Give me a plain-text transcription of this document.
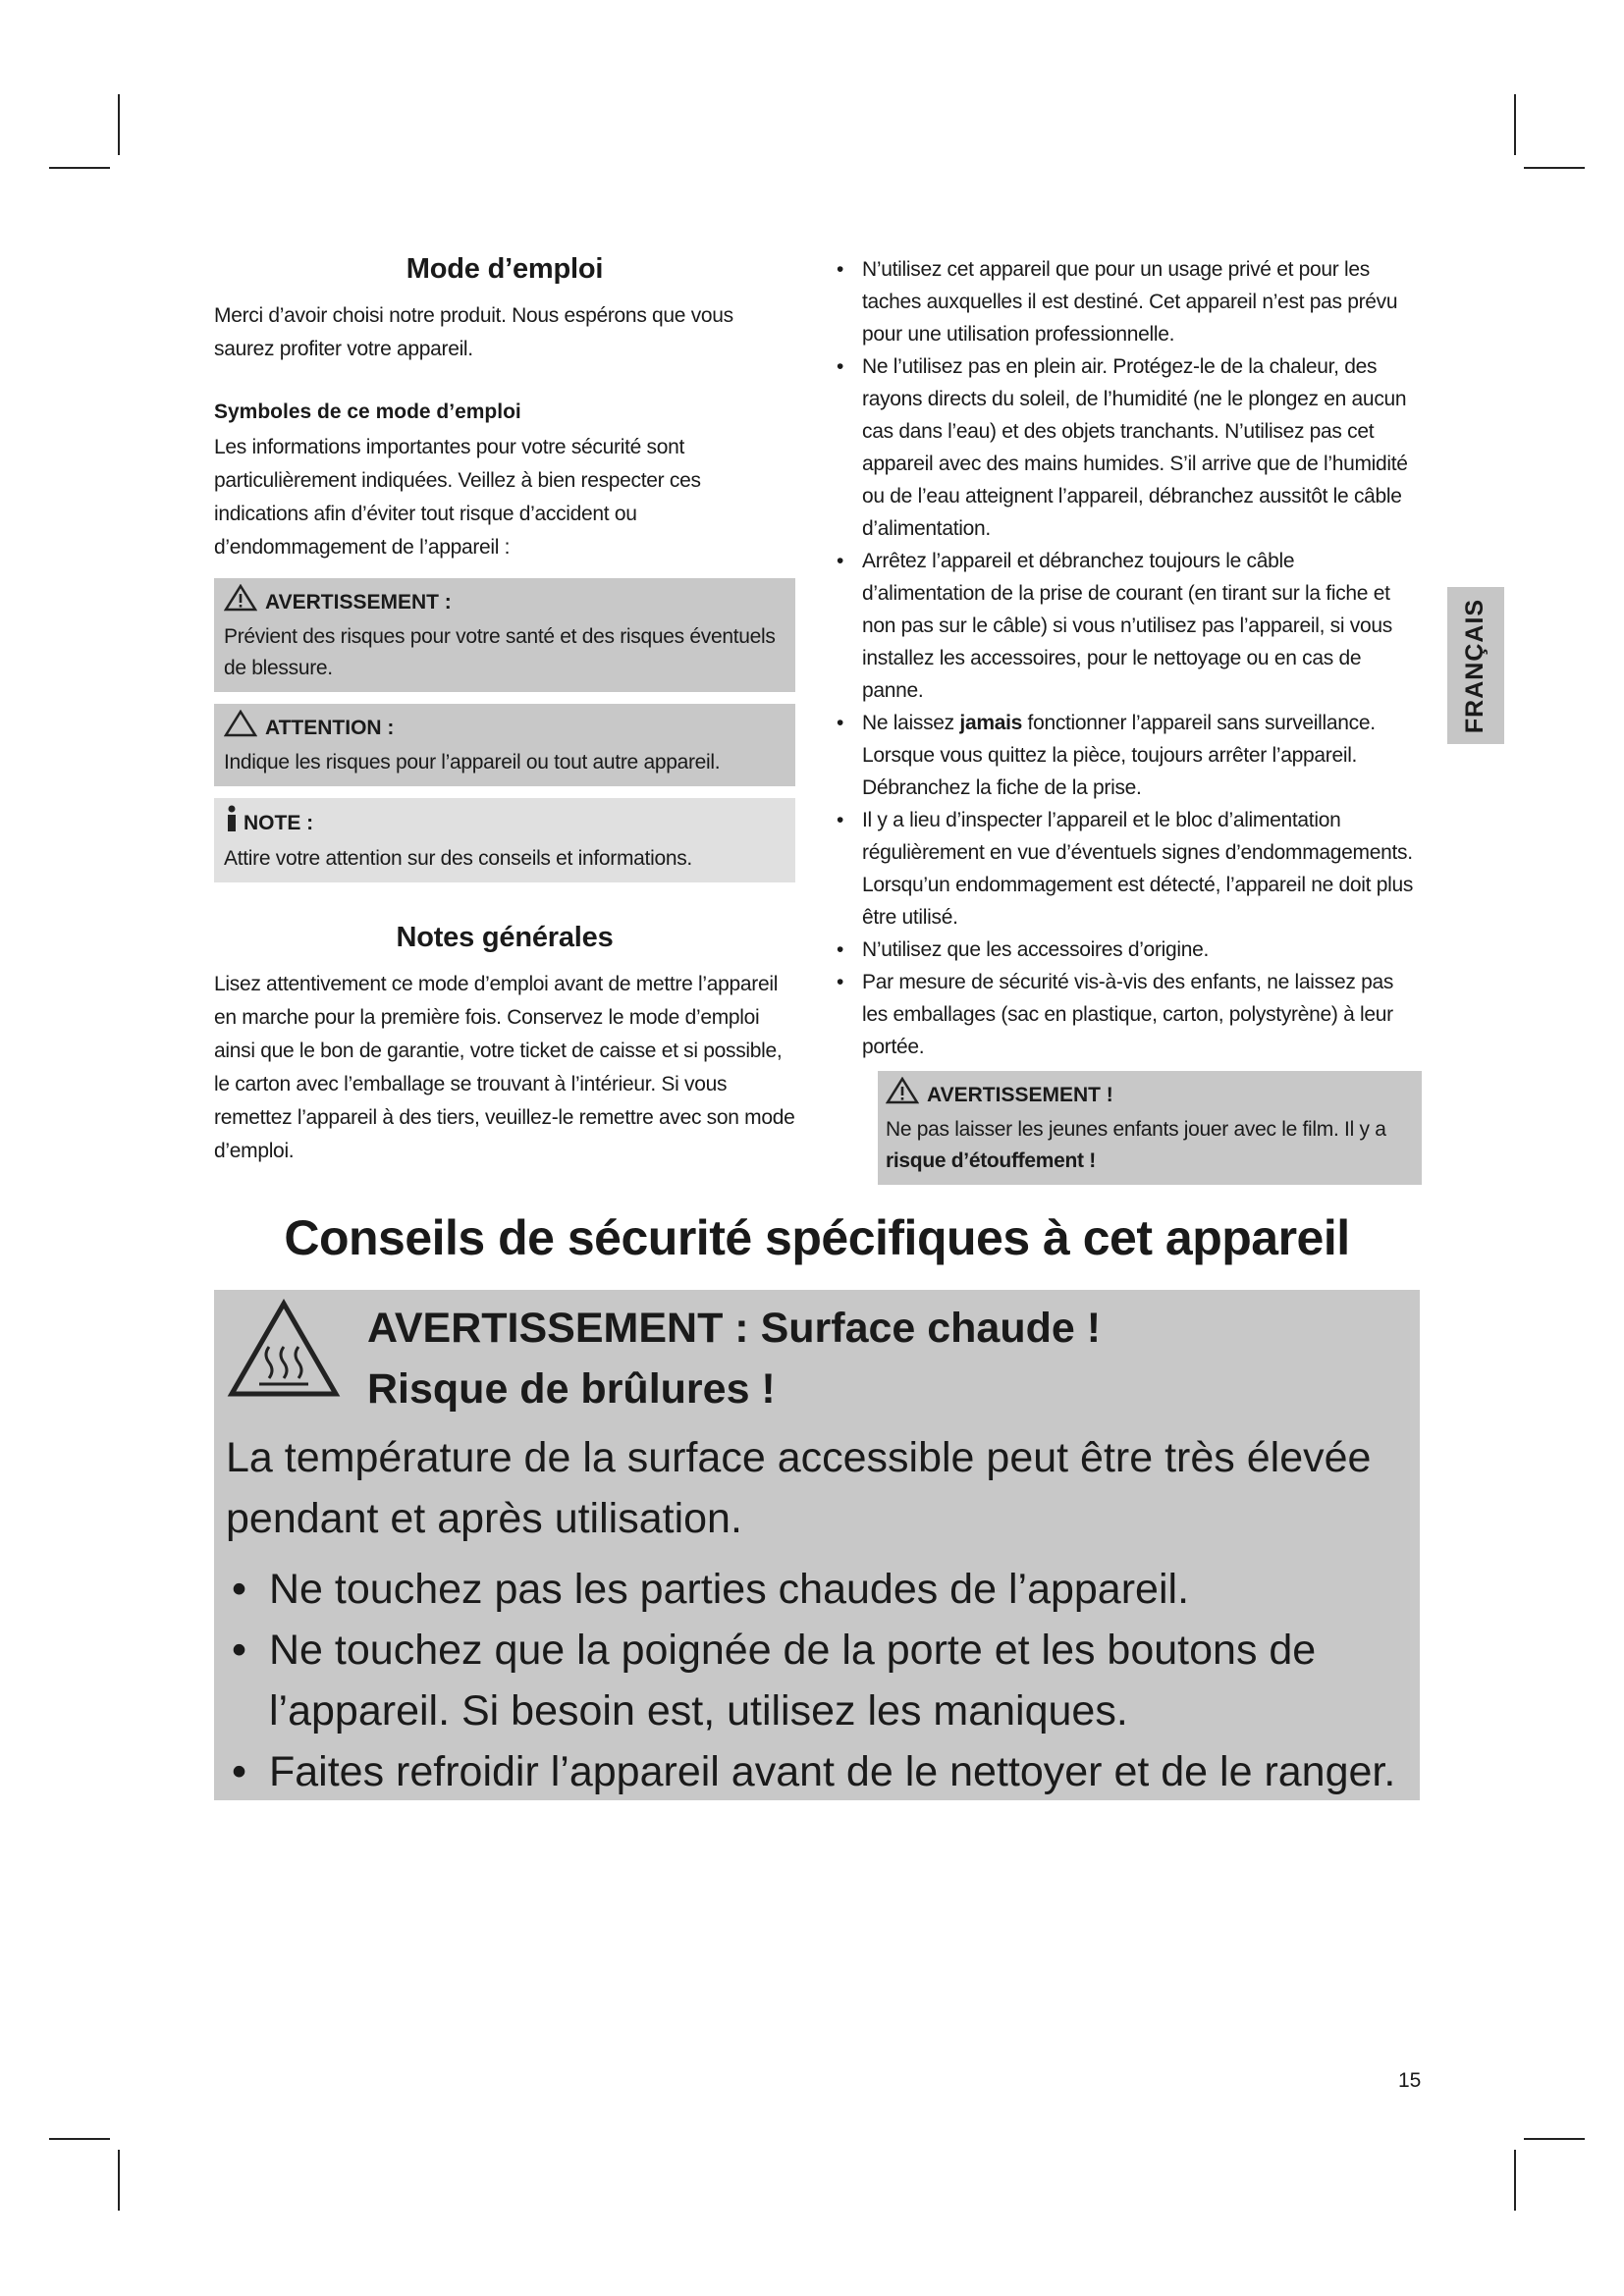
Mode d’emploi

Merci d’avoir choisi notre produit. Nous espérons que vous saurez profiter votre appareil.

Symboles de ce mode d’emploi

Les informations importantes pour votre sécurité sont particulièrement indiquées. Veillez à bien respecter ces indications afin d’éviter tout risque d’accident ou d’endommagement de l’appareil :

AVERTISSEMENT :
Prévient des risques pour votre santé et des risques éventuels de blessure.
ATTENTION :
Indique les risques pour l’appareil ou tout autre appareil.
NOTE :
Attire votre attention sur des conseils et informations.
Notes générales

Lisez attentivement ce mode d’emploi avant de mettre l’appareil en marche pour la première fois. Conservez le mode d’emploi ainsi que le bon de garantie, votre ticket de caisse et si possible, le carton avec l’emballage se trouvant à l’intérieur. Si vous remettez l’appareil à des tiers, veuillez-le remettre avec son mode d’emploi.

• N’utilisez cet appareil que pour un usage privé et pour les taches auxquelles il est destiné. Cet appareil n’est pas prévu pour une utilisation professionnelle.
• Ne l’utilisez pas en plein air. Protégez-le de la chaleur, des rayons directs du soleil, de l’humidité (ne le plongez en aucun cas dans l’eau) et des objets tranchants. N’utilisez pas cet appareil avec des mains humides. S’il arrive que de l’humidité ou de l’eau atteignent l’appareil, débranchez aussitôt le câble d’alimentation.
• Arrêtez l’appareil et débranchez toujours le câble d’alimentation de la prise de courant (en tirant sur la fiche et non pas sur le câble) si vous n’utilisez pas l’appareil, si vous installez les accessoires, pour le nettoyage ou en cas de panne.
• Ne laissez jamais fonctionner l’appareil sans surveillance. Lorsque vous quittez la pièce, toujours arrêter l’appareil. Débranchez la fiche de la prise.
• Il y a lieu d’inspecter l’appareil et le bloc d’alimentation régulièrement en vue d’éventuels signes d’endommagements. Lorsqu’un endommagement est détecté, l’appareil ne doit plus être utilisé.
• N’utilisez que les accessoires d’origine.
• Par mesure de sécurité vis-à-vis des enfants, ne laissez pas les emballages (sac en plastique, carton, polystyrène) à leur portée.
AVERTISSEMENT !
Ne pas laisser les jeunes enfants jouer avec le film. Il y a
risque d’étouffement !
FRANÇAIS
Conseils de sécurité spécifiques à cet appareil
AVERTISSEMENT : Surface chaude !
Risque de brûlures !
La température de la surface accessible peut être très élevée pendant et après utilisation.
• Ne touchez pas les parties chaudes de l’appareil.
• Ne touchez que la poignée de la porte et les boutons de l’appareil. Si besoin est, utilisez les maniques.
• Faites refroidir l’appareil avant de le nettoyer et de le ranger.
15
